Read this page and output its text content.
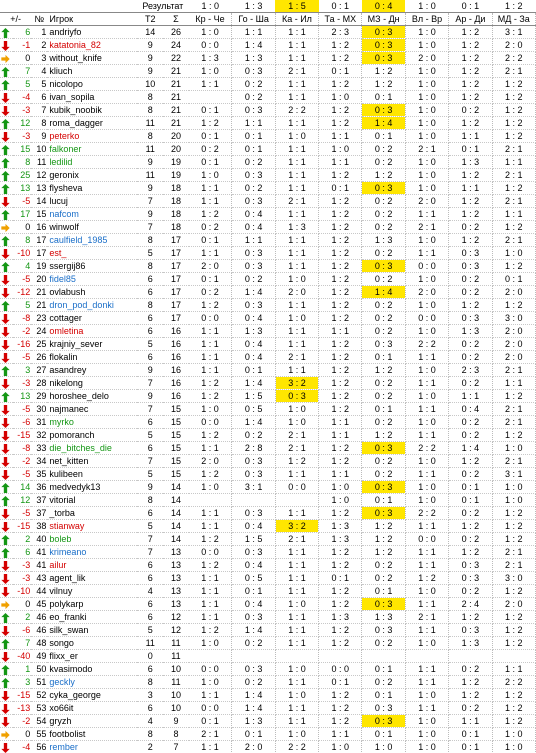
				Результат		1 : 0	1 : 3	1 : 5	0 : 1	0 : 4	1 : 0	0 : 1	1 : 2
+/-		№	Игрок	Т2	Σ	Кр - Че	Го - Ша	Ка - Ил	Та - МХ	МЗ - Дн	Вл - Вр	Ар - Ди	МД - За
	6	1	andriyfo	14	26	1 : 0	1 : 1	1 : 1	2 : 3	0 : 3	1 : 0	1 : 2	3 : 1
	-1	2	katatonia_82	9	24	0 : 0	1 : 4	1 : 1	1 : 2	0 : 3	1 : 0	1 : 2	2 : 0
	0	3	without_knife	9	22	1 : 3	1 : 3	1 : 1	1 : 2	0 : 3	2 : 0	1 : 2	2 : 2
	7	4	kliuch	9	21	1 : 0	0 : 3	2 : 1	0 : 1	1 : 2	1 : 0	1 : 2	2 : 1
	5	5	nicolopo	10	21	1 : 1	0 : 2	1 : 1	1 : 2	1 : 2	1 : 0	1 : 2	1 : 2
	-4	6	ivan_sopila	8	21		0 : 2	1 : 1	1 : 0	0 : 1	1 : 0	1 : 2	1 : 2
	-3	7	kubik_noobik	8	21	0 : 1	0 : 3	2 : 2	1 : 2	0 : 3	1 : 0	0 : 2	1 : 2
	12	8	roma_dagger	11	21	1 : 2	1 : 1	1 : 1	1 : 2	1 : 4	1 : 0	1 : 2	1 : 2
	-3	9	peterko	8	20	0 : 1	0 : 1	1 : 0	1 : 1	0 : 1	1 : 0	1 : 1	1 : 2
	15	10	falkoner	11	20	0 : 2	0 : 1	1 : 1	1 : 0	0 : 2	2 : 1	0 : 1	2 : 1
	8	11	ledilid	9	19	0 : 1	0 : 2	1 : 1	1 : 1	0 : 2	1 : 0	1 : 3	1 : 1
	25	12	geronix	11	19	1 : 0	0 : 3	1 : 1	1 : 2	1 : 2	1 : 0	1 : 2	2 : 1
	13	13	flysheva	9	18	1 : 1	0 : 2	1 : 1	0 : 1	0 : 3	1 : 0	1 : 1	1 : 2
	-5	14	lucuj	7	18	1 : 1	0 : 3	2 : 1	1 : 2	0 : 2	2 : 0	1 : 2	2 : 1
	17	15	nafcom	9	18	1 : 2	0 : 4	1 : 1	1 : 2	0 : 2	1 : 1	1 : 2	1 : 1
	0	16	winwolf	7	18	0 : 2	0 : 4	1 : 3	1 : 2	0 : 2	2 : 1	0 : 2	1 : 2
	8	17	caulfield_1985	8	17	0 : 1	1 : 1	1 : 1	1 : 2	1 : 3	1 : 0	1 : 2	2 : 1
	-10	17	est_	5	17	1 : 1	0 : 3	1 : 1	1 : 2	0 : 2	1 : 1	0 : 3	1 : 0
	4	19	ssergij86	8	17	2 : 0	0 : 3	1 : 1	1 : 2	0 : 3	0 : 0	0 : 3	1 : 2
	-5	20	fidel85	6	17	0 : 1	0 : 2	1 : 0	1 : 2	0 : 2	1 : 0	0 : 2	0 : 1
	-12	21	ovlabush	6	17	0 : 2	1 : 4	2 : 0	1 : 2	1 : 4	2 : 0	0 : 2	2 : 0
	5	21	dron_pod_donki	8	17	1 : 2	0 : 3	1 : 1	1 : 2	0 : 2	1 : 0	1 : 2	1 : 2
	-8	23	cottager	6	17	0 : 0	0 : 4	1 : 0	1 : 2	0 : 2	0 : 0	0 : 3	3 : 0
	-2	24	omletina	6	16	1 : 1	1 : 3	1 : 1	1 : 1	0 : 2	1 : 0	1 : 3	2 : 0
	-16	25	krajniy_sever	5	16	1 : 1	0 : 4	1 : 1	1 : 2	0 : 3	2 : 2	0 : 2	2 : 0
	-5	26	flokalin	6	16	1 : 1	0 : 4	2 : 1	1 : 2	0 : 1	1 : 1	0 : 2	2 : 0
	3	27	asandrey	9	16	1 : 1	0 : 1	1 : 1	1 : 2	1 : 2	1 : 0	2 : 3	2 : 1
	-3	28	nikelong	7	16	1 : 2	1 : 4	3 : 2	1 : 2	0 : 2	1 : 1	0 : 2	1 : 1
	13	29	horoshee_delo	9	16	1 : 2	1 : 5	0 : 3	1 : 2	0 : 2	1 : 0	1 : 1	1 : 2
	-5	30	najmanec	7	15	1 : 0	0 : 5	1 : 0	1 : 2	0 : 1	1 : 1	0 : 4	2 : 1
	-6	31	myrko	6	15	0 : 0	1 : 4	1 : 0	1 : 1	0 : 2	1 : 0	0 : 2	2 : 1
	-15	32	pomoranch	5	15	1 : 2	0 : 2	2 : 1	1 : 1	1 : 2	1 : 1	0 : 2	1 : 2
	-8	33	die_bitches_die	6	15	1 : 1	2 : 8	2 : 1	1 : 2	0 : 3	2 : 2	1 : 4	1 : 0
	-2	34	net_kitten	7	15	2 : 0	0 : 3	1 : 2	1 : 2	0 : 2	1 : 0	1 : 2	2 : 1
	-5	35	kulibeen	5	15	1 : 2	0 : 3	1 : 1	1 : 1	0 : 2	1 : 1	0 : 2	3 : 1
	14	36	medvedyk13	9	14	1 : 0	3 : 1	0 : 0	1 : 0	0 : 3	1 : 0	0 : 1	1 : 0
	12	37	vitorial	8	14				1 : 0	0 : 1	1 : 0	0 : 1	1 : 0
	-5	37	_torba	6	14	1 : 1	0 : 3	1 : 1	1 : 2	0 : 3	2 : 2	0 : 2	1 : 2
	-15	38	stianway	5	14	1 : 1	0 : 4	3 : 2	1 : 3	1 : 2	1 : 1	1 : 2	1 : 2
	2	40	boleb	7	14	1 : 2	1 : 5	2 : 1	1 : 3	1 : 2	0 : 0	0 : 2	1 : 2
	6	41	krimeano	7	13	0 : 0	0 : 3	1 : 1	1 : 2	1 : 2	1 : 1	1 : 2	2 : 1
	-3	41	ailur	6	13	1 : 2	0 : 4	1 : 1	1 : 2	0 : 2	1 : 1	0 : 3	2 : 1
	-3	43	agent_lik	6	13	1 : 1	0 : 5	1 : 1	0 : 1	0 : 2	1 : 2	0 : 3	3 : 0
	-10	44	vilnuy	4	13	1 : 1	0 : 1	1 : 1	1 : 2	0 : 1	1 : 0	0 : 2	1 : 2
	0	45	polykarp	6	13	1 : 1	0 : 4	1 : 0	1 : 2	0 : 3	1 : 1	2 : 4	2 : 0
	2	46	eo_franki	6	12	1 : 1	0 : 3	1 : 1	1 : 3	1 : 3	2 : 1	1 : 2	1 : 2
	-6	46	silk_swan	5	12	1 : 2	1 : 4	1 : 1	1 : 2	0 : 3	1 : 1	0 : 3	1 : 2
	7	48	songo	11	11	1 : 0	0 : 2	1 : 1	1 : 2	0 : 2	1 : 0	1 : 3	1 : 2
	-40	49	flixx_er	0	11								
	1	50	kvasimodo	6	10	0 : 0	0 : 3	1 : 0	0 : 0	0 : 1	1 : 1	0 : 2	1 : 1
	3	51	geckly	8	11	1 : 0	0 : 2	1 : 1	0 : 1	0 : 2	1 : 1	1 : 2	2 : 2
	-15	52	cyka_george	3	10	1 : 1	1 : 4	1 : 0	1 : 2	0 : 1	1 : 0	1 : 2	1 : 2
	-13	53	xo66it	6	10	0 : 0	1 : 4	1 : 1	1 : 2	0 : 3	1 : 1	0 : 2	1 : 2
	-2	54	gryzh	4	9	0 : 1	1 : 3	1 : 1	1 : 2	0 : 3	1 : 0	1 : 1	1 : 2
	0	55	footbolist	8	8	2 : 1	0 : 1	1 : 0	1 : 1	0 : 1	1 : 0	0 : 1	1 : 0
	-4	56	rember	2	7	1 : 1	2 : 0	2 : 2	1 : 0	1 : 0	1 : 0	0 : 1	1 : 0
